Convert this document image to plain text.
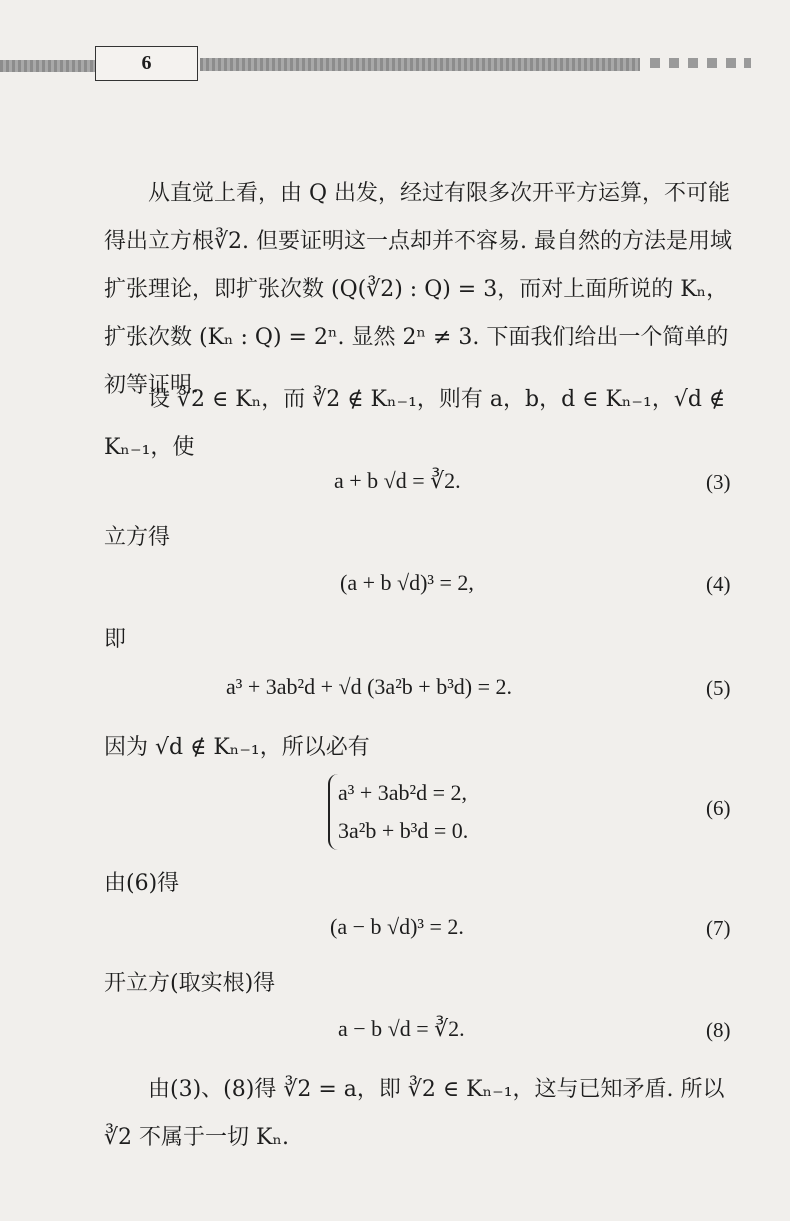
6
从直觉上看，由 Q 出发，经过有限多次开平方运算，不可能得出立方根∛2. 但要证明这一点却并不容易. 最自然的方法是用域扩张理论，即扩张次数 (Q(∛2) : Q) = 3，而对上面所说的 Kₙ，扩张次数 (Kₙ : Q) = 2ⁿ. 显然 2ⁿ ≠ 3. 下面我们给出一个简单的初等证明.
设 ∛2 ∈ Kₙ，而 ∛2 ∉ Kₙ₋₁，则有 a，b，d ∈ Kₙ₋₁，√d ∉ Kₙ₋₁，使
a + b √d = ∛2.	(3)
立方得
(a + b √d)³ = 2,	(4)
即
a³ + 3ab²d + √d (3a²b + b³d) = 2.	(5)
因为 √d ∉ Kₙ₋₁，所以必有
a³ + 3ab²d = 2,
3a²b + b³d = 0.
(6)
由(6)得
(a − b √d)³ = 2.	(7)
开立方(取实根)得
a − b √d = ∛2.	(8)
由(3)、(8)得 ∛2 = a，即 ∛2 ∈ Kₙ₋₁，这与已知矛盾. 所以∛2 不属于一切 Kₙ.
